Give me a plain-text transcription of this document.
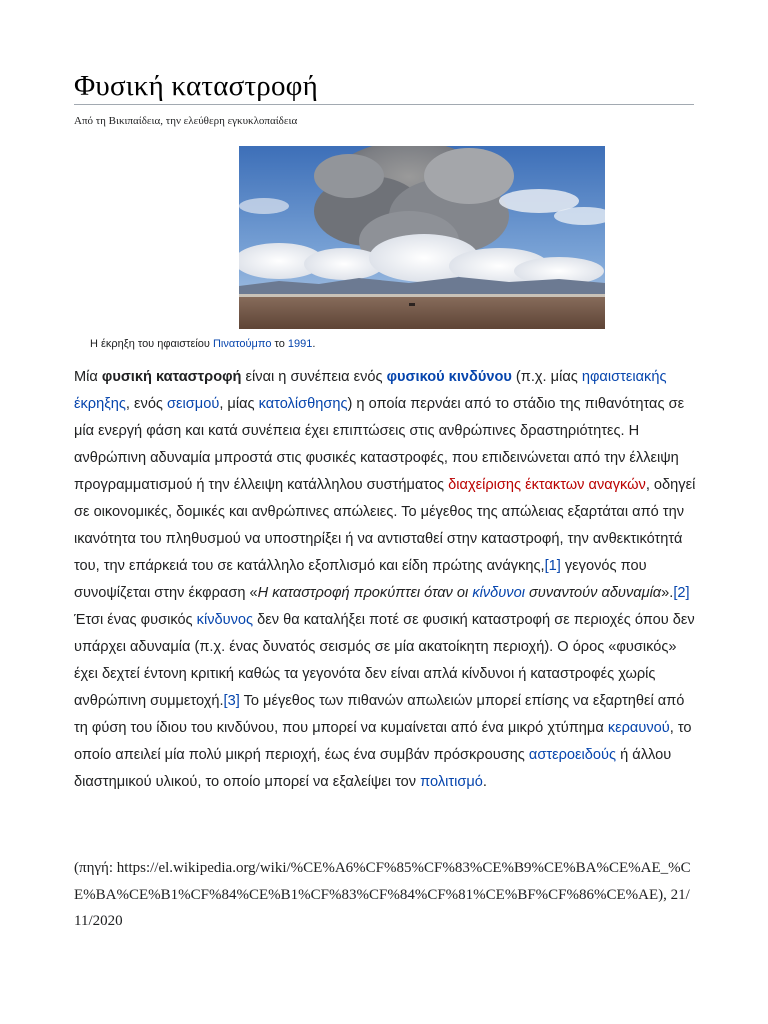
Φυσική καταστροφή
Από τη Βικιπαίδεια, την ελεύθερη εγκυκλοπαίδεια
Η έκρηξη του ηφαιστείου Πινατούμπο το 1991.

Μία φυσική καταστροφή είναι η συνέπεια ενός φυσικού κινδύνου (π.χ. μίας ηφαιστειακής έκρηξης, ενός σεισμού, μίας κατολίσθησης) η οποία περνάει από το στάδιο της πιθανότητας σε μία ενεργή φάση και κατά συνέπεια έχει επιπτώσεις στις ανθρώπινες δραστηριότητες. Η ανθρώπινη αδυναμία μπροστά στις φυσικές καταστροφές, που επιδεινώνεται από την έλλειψη προγραμματισμού ή την έλλειψη κατάλληλου συστήματος διαχείρισης έκτακτων αναγκών, οδηγεί σε οικονομικές, δομικές και ανθρώπινες απώλειες. Το μέγεθος της απώλειας εξαρτάται από την ικανότητα του πληθυσμού να υποστηρίξει ή να αντισταθεί στην καταστροφή, την ανθεκτικότητά του, την επάρκειά του σε κατάλληλο εξοπλισμό και είδη πρώτης ανάγκης,[1] γεγονός που συνοψίζεται στην έκφραση «Η καταστροφή προκύπτει όταν οι κίνδυνοι συναντούν αδυναμία».[2] Έτσι ένας φυσικός κίνδυνος δεν θα καταλήξει ποτέ σε φυσική καταστροφή σε περιοχές όπου δεν υπάρχει αδυναμία (π.χ. ένας δυνατός σεισμός σε μία ακατοίκητη περιοχή). Ο όρος «φυσικός» έχει δεχτεί έντονη κριτική καθώς τα γεγονότα δεν είναι απλά κίνδυνοι ή καταστροφές χωρίς ανθρώπινη συμμετοχή.[3] Το μέγεθος των πιθανών απωλειών μπορεί επίσης να εξαρτηθεί από τη φύση του ίδιου του κινδύνου, που μπορεί να κυμαίνεται από ένα μικρό χτύπημα κεραυνού, το οποίο απειλεί μία πολύ μικρή περιοχή, έως ένα συμβάν πρόσκρουσης αστεροειδούς ή άλλου διαστημικού υλικού, το οποίο μπορεί να εξαλείψει τον πολιτισμό.

(πηγή: https://el.wikipedia.org/wiki/%CE%A6%CF%85%CF%83%CE%B9%CE%BA%CE%AE_%CE%BA%CE%B1%CF%84%CE%B1%CF%83%CF%84%CF%81%CE%BF%CF%86%CE%AE), 21/11/2020
